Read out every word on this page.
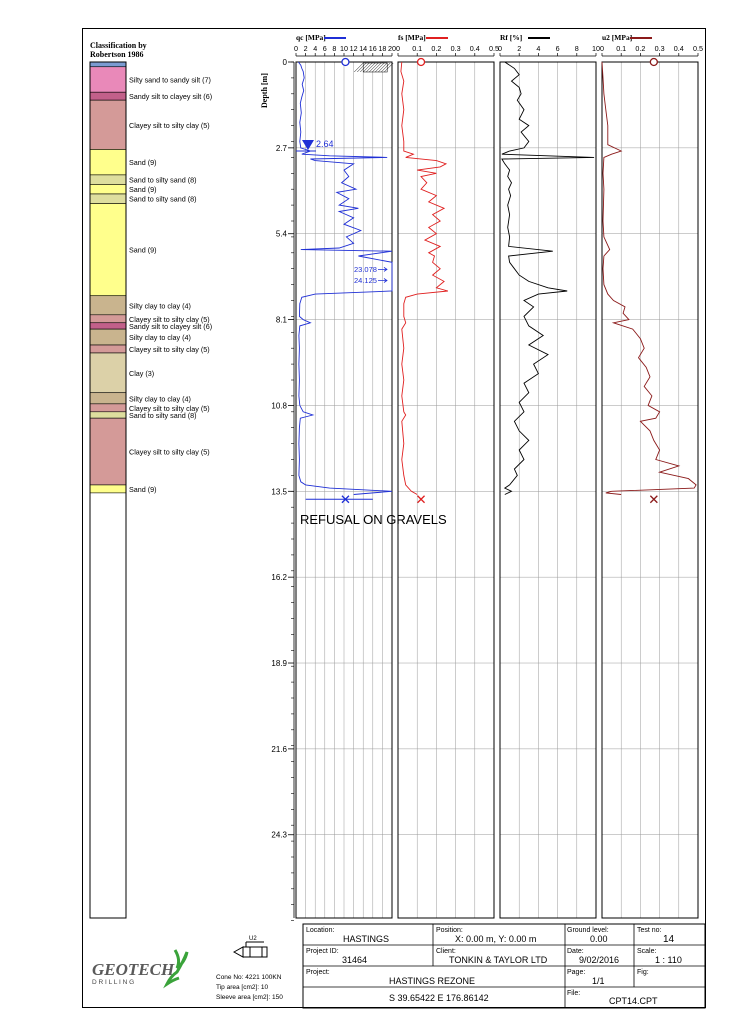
Classification by
Robertson 1986
Silty sand to sandy silt (7)
Sandy silt to clayey silt (6)
Clayey silt to silty clay (5)
Sand (9)
Sand to silty sand (8)
Sand (9)
Sand to silty sand (8)
Sand (9)
Silty clay to clay (4)
Clayey silt to silty clay (5)
Sandy silt to clayey silt (6)
Silty clay to clay (4)
Clayey silt to silty clay (5)
Clay (3)
Silty clay to clay (4)
Clayey silt to silty clay (5)
Sand to silty sand (8)
Clayey silt to silty clay (5)
Sand (9)
Depth [m]
0
2.7
5.4
8.1
10.8
13.5
16.2
18.9
21.6
24.3
0 2 4 6 8 10 12 14 16 18 20
qc [MPa]
0 0.1 0.2 0.3 0.4 0.5
fs [MPa]
0 2 4 6 8 10
Rf [%]
0 0.1 0.2 0.3 0.4 0.5
u2 [MPa]
2.64
23.078
24.125
REFUSAL ON GRAVELS
GEOTECH
D R I L L I N G
U2
Cone No: 4221 100KN
Tip area [cm2]: 10
Sleeve area [cm2]: 150
Location:
HASTINGS
Position:
X: 0.00 m, Y: 0.00 m
Ground level:
0.00
Test no:
14
Project ID:
31464
Client:
TONKIN & TAYLOR LTD
Date:
9/02/2016
Scale:
1 : 110
Project:
HASTINGS REZONE
Page:
1/1
Fig:
S 39.65422 E 176.86142	File:
CPT14.CPT
